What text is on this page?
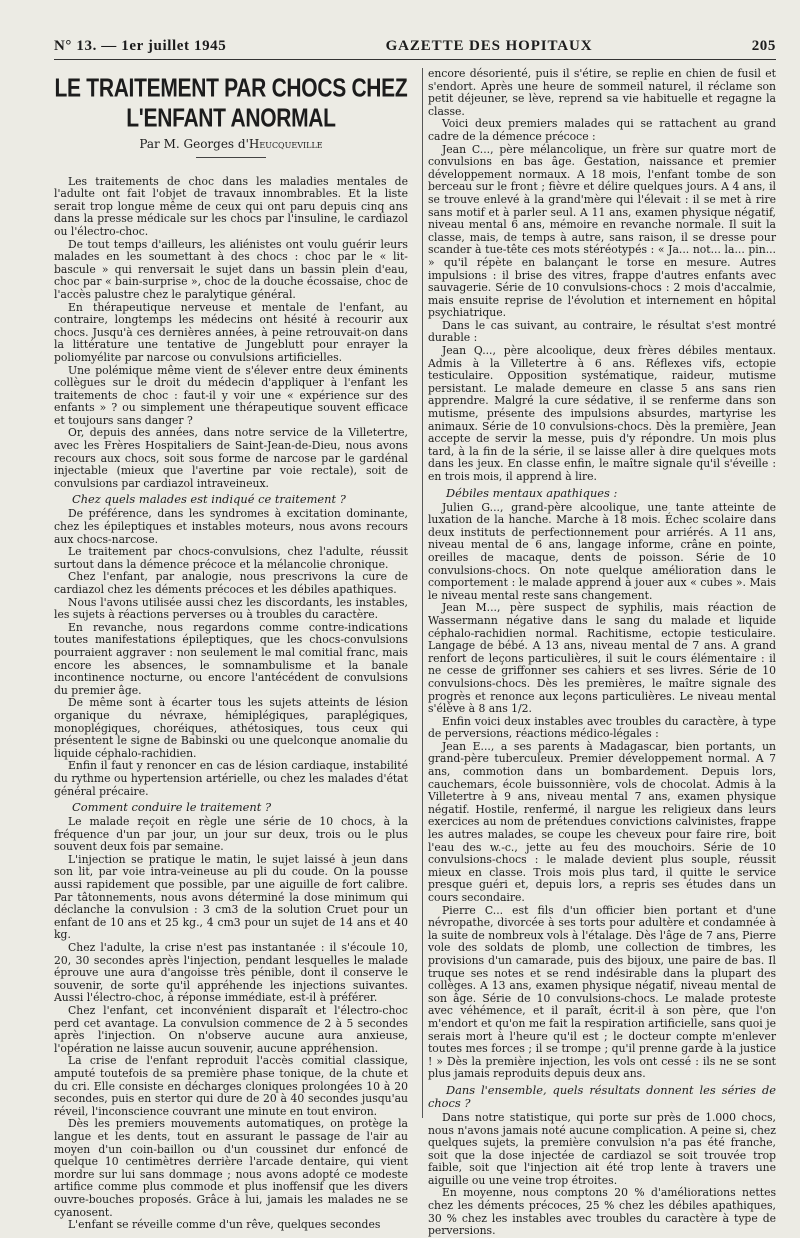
N° 13. — 1er juillet 1945	GAZETTE DES HOPITAUX	205
LE TRAITEMENT PAR CHOCS CHEZ L'ENFANT ANORMAL
Par M. Georges d'Heucqueville

Les traitements de choc dans les maladies mentales de l'adulte ont fait l'objet de travaux innombrables. Et la liste serait trop longue même de ceux qui ont paru depuis cinq ans dans la presse médicale sur les chocs par l'insuline, le cardiazol ou l'électro-choc.

De tout temps d'ailleurs, les aliénistes ont voulu guérir leurs malades en les soumettant à des chocs : choc par le « lit-bascule » qui renversait le sujet dans un bassin plein d'eau, choc par « bain-surprise », choc de la douche écossaise, choc de l'accès palustre chez le paralytique général.

En thérapeutique nerveuse et mentale de l'enfant, au contraire, longtemps les médecins ont hésité à recourir aux chocs. Jusqu'à ces dernières années, à peine retrouvait-on dans la littérature une tentative de Jungeblutt pour enrayer la poliomyélite par narcose ou convulsions artificielles.

Une polémique même vient de s'élever entre deux éminents collègues sur le droit du médecin d'appliquer à l'enfant les traitements de choc : faut-il y voir une « expérience sur des enfants » ? ou simplement une thérapeutique souvent efficace et toujours sans danger ?

Or, depuis des années, dans notre service de la Villetertre, avec les Frères Hospitaliers de Saint-Jean-de-Dieu, nous avons recours aux chocs, soit sous forme de narcose par le gardénal injectable (mieux que l'avertine par voie rectale), soit de convulsions par cardiazol intraveineux.

Chez quels malades est indiqué ce traitement ?

De préférence, dans les syndromes à excitation dominante, chez les épileptiques et instables moteurs, nous avons recours aux chocs-narcose.

Le traitement par chocs-convulsions, chez l'adulte, réussit surtout dans la démence précoce et la mélancolie chronique.

Chez l'enfant, par analogie, nous prescrivons la cure de cardiazol chez les déments précoces et les débiles apathiques.

Nous l'avons utilisée aussi chez les discordants, les instables, les sujets à réactions perverses ou à troubles du caractère.

En revanche, nous regardons comme contre-indications toutes manifestations épileptiques, que les chocs-convulsions pourraient aggraver : non seulement le mal comitial franc, mais encore les absences, le somnambulisme et la banale incontinence nocturne, ou encore l'antécédent de convulsions du premier âge.

De même sont à écarter tous les sujets atteints de lésion organique du névraxe, hémiplégiques, paraplégiques, monoplégiques, choréiques, athétosiques, tous ceux qui présentent le signe de Babinski ou une quelconque anomalie du liquide céphalo-rachidien.

Enfin il faut y renoncer en cas de lésion cardiaque, instabilité du rythme ou hypertension artérielle, ou chez les malades d'état général précaire.

Comment conduire le traitement ?

Le malade reçoit en règle une série de 10 chocs, à la fréquence d'un par jour, un jour sur deux, trois ou le plus souvent deux fois par semaine.

L'injection se pratique le matin, le sujet laissé à jeun dans son lit, par voie intra-veineuse au pli du coude. On la pousse aussi rapidement que possible, par une aiguille de fort calibre. Par tâtonnements, nous avons déterminé la dose minimum qui déclanche la convulsion : 3 cm3 de la solution Cruet pour un enfant de 10 ans et 25 kg., 4 cm3 pour un sujet de 14 ans et 40 kg.

Chez l'adulte, la crise n'est pas instantanée : il s'écoule 10, 20, 30 secondes après l'injection, pendant lesquelles le malade éprouve une aura d'angoisse très pénible, dont il conserve le souvenir, de sorte qu'il appréhende les injections suivantes. Aussi l'électro-choc, à réponse immédiate, est-il à préférer.

Chez l'enfant, cet inconvénient disparaît et l'électro-choc perd cet avantage. La convulsion commence de 2 à 5 secondes après l'injection. On n'observe aucune aura anxieuse, l'opération ne laisse aucun souvenir, aucune appréhension.

La crise de l'enfant reproduit l'accès comitial classique, amputé toutefois de sa première phase tonique, de la chute et du cri. Elle consiste en décharges cloniques prolongées 10 à 20 secondes, puis en stertor qui dure de 20 à 40 secondes jusqu'au réveil, l'inconscience couvrant une minute en tout environ.

Dès les premiers mouvements automatiques, on protège la langue et les dents, tout en assurant le passage de l'air au moyen d'un coin-baillon ou d'un coussinet dur enfoncé de quelque 10 centimètres derrière l'arcade dentaire, qui vient mordre sur lui sans dommage ; nous avons adopté ce modeste artifice comme plus commode et plus inoffensif que les divers ouvre-bouches proposés. Grâce à lui, jamais les malades ne se cyanosent.

L'enfant se réveille comme d'un rêve, quelques secondes

encore désorienté, puis il s'étire, se replie en chien de fusil et s'endort. Après une heure de sommeil naturel, il réclame son petit déjeuner, se lève, reprend sa vie habituelle et regagne la classe.

Voici deux premiers malades qui se rattachent au grand cadre de la démence précoce :

Jean C..., père mélancolique, un frère sur quatre mort de convulsions en bas âge. Gestation, naissance et premier développement normaux. A 18 mois, l'enfant tombe de son berceau sur le front ; fièvre et délire quelques jours. A 4 ans, il se trouve enlevé à la grand'mère qui l'élevait : il se met à rire sans motif et à parler seul. A 11 ans, examen physique négatif, niveau mental 6 ans, mémoire en revanche normale. Il suit la classe, mais, de temps à autre, sans raison, il se dresse pour scander à tue-tête ces mots stéréotypés : « Ja... not... la... pin... » qu'il répète en balançant le torse en mesure. Autres impulsions : il brise des vitres, frappe d'autres enfants avec sauvagerie. Série de 10 convulsions-chocs : 2 mois d'accalmie, mais ensuite reprise de l'évolution et internement en hôpital psychiatrique.

Dans le cas suivant, au contraire, le résultat s'est montré durable :

Jean Q..., père alcoolique, deux frères débiles mentaux. Admis à la Villetertre à 6 ans. Réflexes vifs, ectopie testiculaire. Opposition systématique, raideur, mutisme persistant. Le malade demeure en classe 5 ans sans rien apprendre. Malgré la cure sédative, il se renferme dans son mutisme, présente des impulsions absurdes, martyrise les animaux. Série de 10 convulsions-chocs. Dès la première, Jean accepte de servir la messe, puis d'y répondre. Un mois plus tard, à la fin de la série, il se laisse aller à dire quelques mots dans les jeux. En classe enfin, le maître signale qu'il s'éveille : en trois mois, il apprend à lire.

Débiles mentaux apathiques :

Julien G..., grand-père alcoolique, une tante atteinte de luxation de la hanche. Marche à 18 mois. Échec scolaire dans deux instituts de perfectionnement pour arriérés. A 11 ans, niveau mental de 6 ans, langage informe, crâne en pointe, oreilles de macaque, dents de poisson. Série de 10 convulsions-chocs. On note quelque amélioration dans le comportement : le malade apprend à jouer aux « cubes ». Mais le niveau mental reste sans changement.

Jean M..., père suspect de syphilis, mais réaction de Wassermann négative dans le sang du malade et liquide céphalo-rachidien normal. Rachitisme, ectopie testiculaire. Langage de bébé. A 13 ans, niveau mental de 7 ans. A grand renfort de leçons particulières, il suit le cours élémentaire : il ne cesse de griffonner ses cahiers et ses livres. Série de 10 convulsions-chocs. Dès les premières, le maître signale des progrès et renonce aux leçons particulières. Le niveau mental s'élève à 8 ans 1/2.

Enfin voici deux instables avec troubles du caractère, à type de perversions, réactions médico-légales :

Jean E..., a ses parents à Madagascar, bien portants, un grand-père tuberculeux. Premier développement normal. A 7 ans, commotion dans un bombardement. Depuis lors, cauchemars, école buissonnière, vols de chocolat. Admis à la Villetertre à 9 ans, niveau mental 7 ans, examen physique négatif. Hostile, renfermé, il nargue les religieux dans leurs exercices au nom de prétendues convictions calvinistes, frappe les autres malades, se coupe les cheveux pour faire rire, boit l'eau des w.-c., jette au feu des mouchoirs. Série de 10 convulsions-chocs : le malade devient plus souple, réussit mieux en classe. Trois mois plus tard, il quitte le service presque guéri et, depuis lors, a repris ses études dans un cours secondaire.

Pierre C... est fils d'un officier bien portant et d'une névropathe, divorcée à ses torts pour adultère et condamnée à la suite de nombreux vols à l'étalage. Dès l'âge de 7 ans, Pierre vole des soldats de plomb, une collection de timbres, les provisions d'un camarade, puis des bijoux, une paire de bas. Il truque ses notes et se rend indésirable dans la plupart des collèges. A 13 ans, examen physique négatif, niveau mental de son âge. Série de 10 convulsions-chocs. Le malade proteste avec véhémence, et il paraît, écrit-il à son père, que l'on m'endort et qu'on me fait la respiration artificielle, sans quoi je serais mort à l'heure qu'il est ; le docteur compte m'enlever toutes mes forces ; il se trompe ; qu'il prenne garde à la justice ! » Dès la première injection, les vols ont cessé : ils ne se sont plus jamais reproduits depuis deux ans.

Dans l'ensemble, quels résultats donnent les séries de chocs ?

Dans notre statistique, qui porte sur près de 1.000 chocs, nous n'avons jamais noté aucune complication. A peine si, chez quelques sujets, la première convulsion n'a pas été franche, soit que la dose injectée de cardiazol se soit trouvée trop faible, soit que l'injection ait été trop lente à travers une aiguille ou une veine trop étroites.

En moyenne, nous comptons 20 % d'améliorations nettes chez les déments précoces, 25 % chez les débiles apathiques, 30 % chez les instables avec troubles du caractère à type de perversions.
